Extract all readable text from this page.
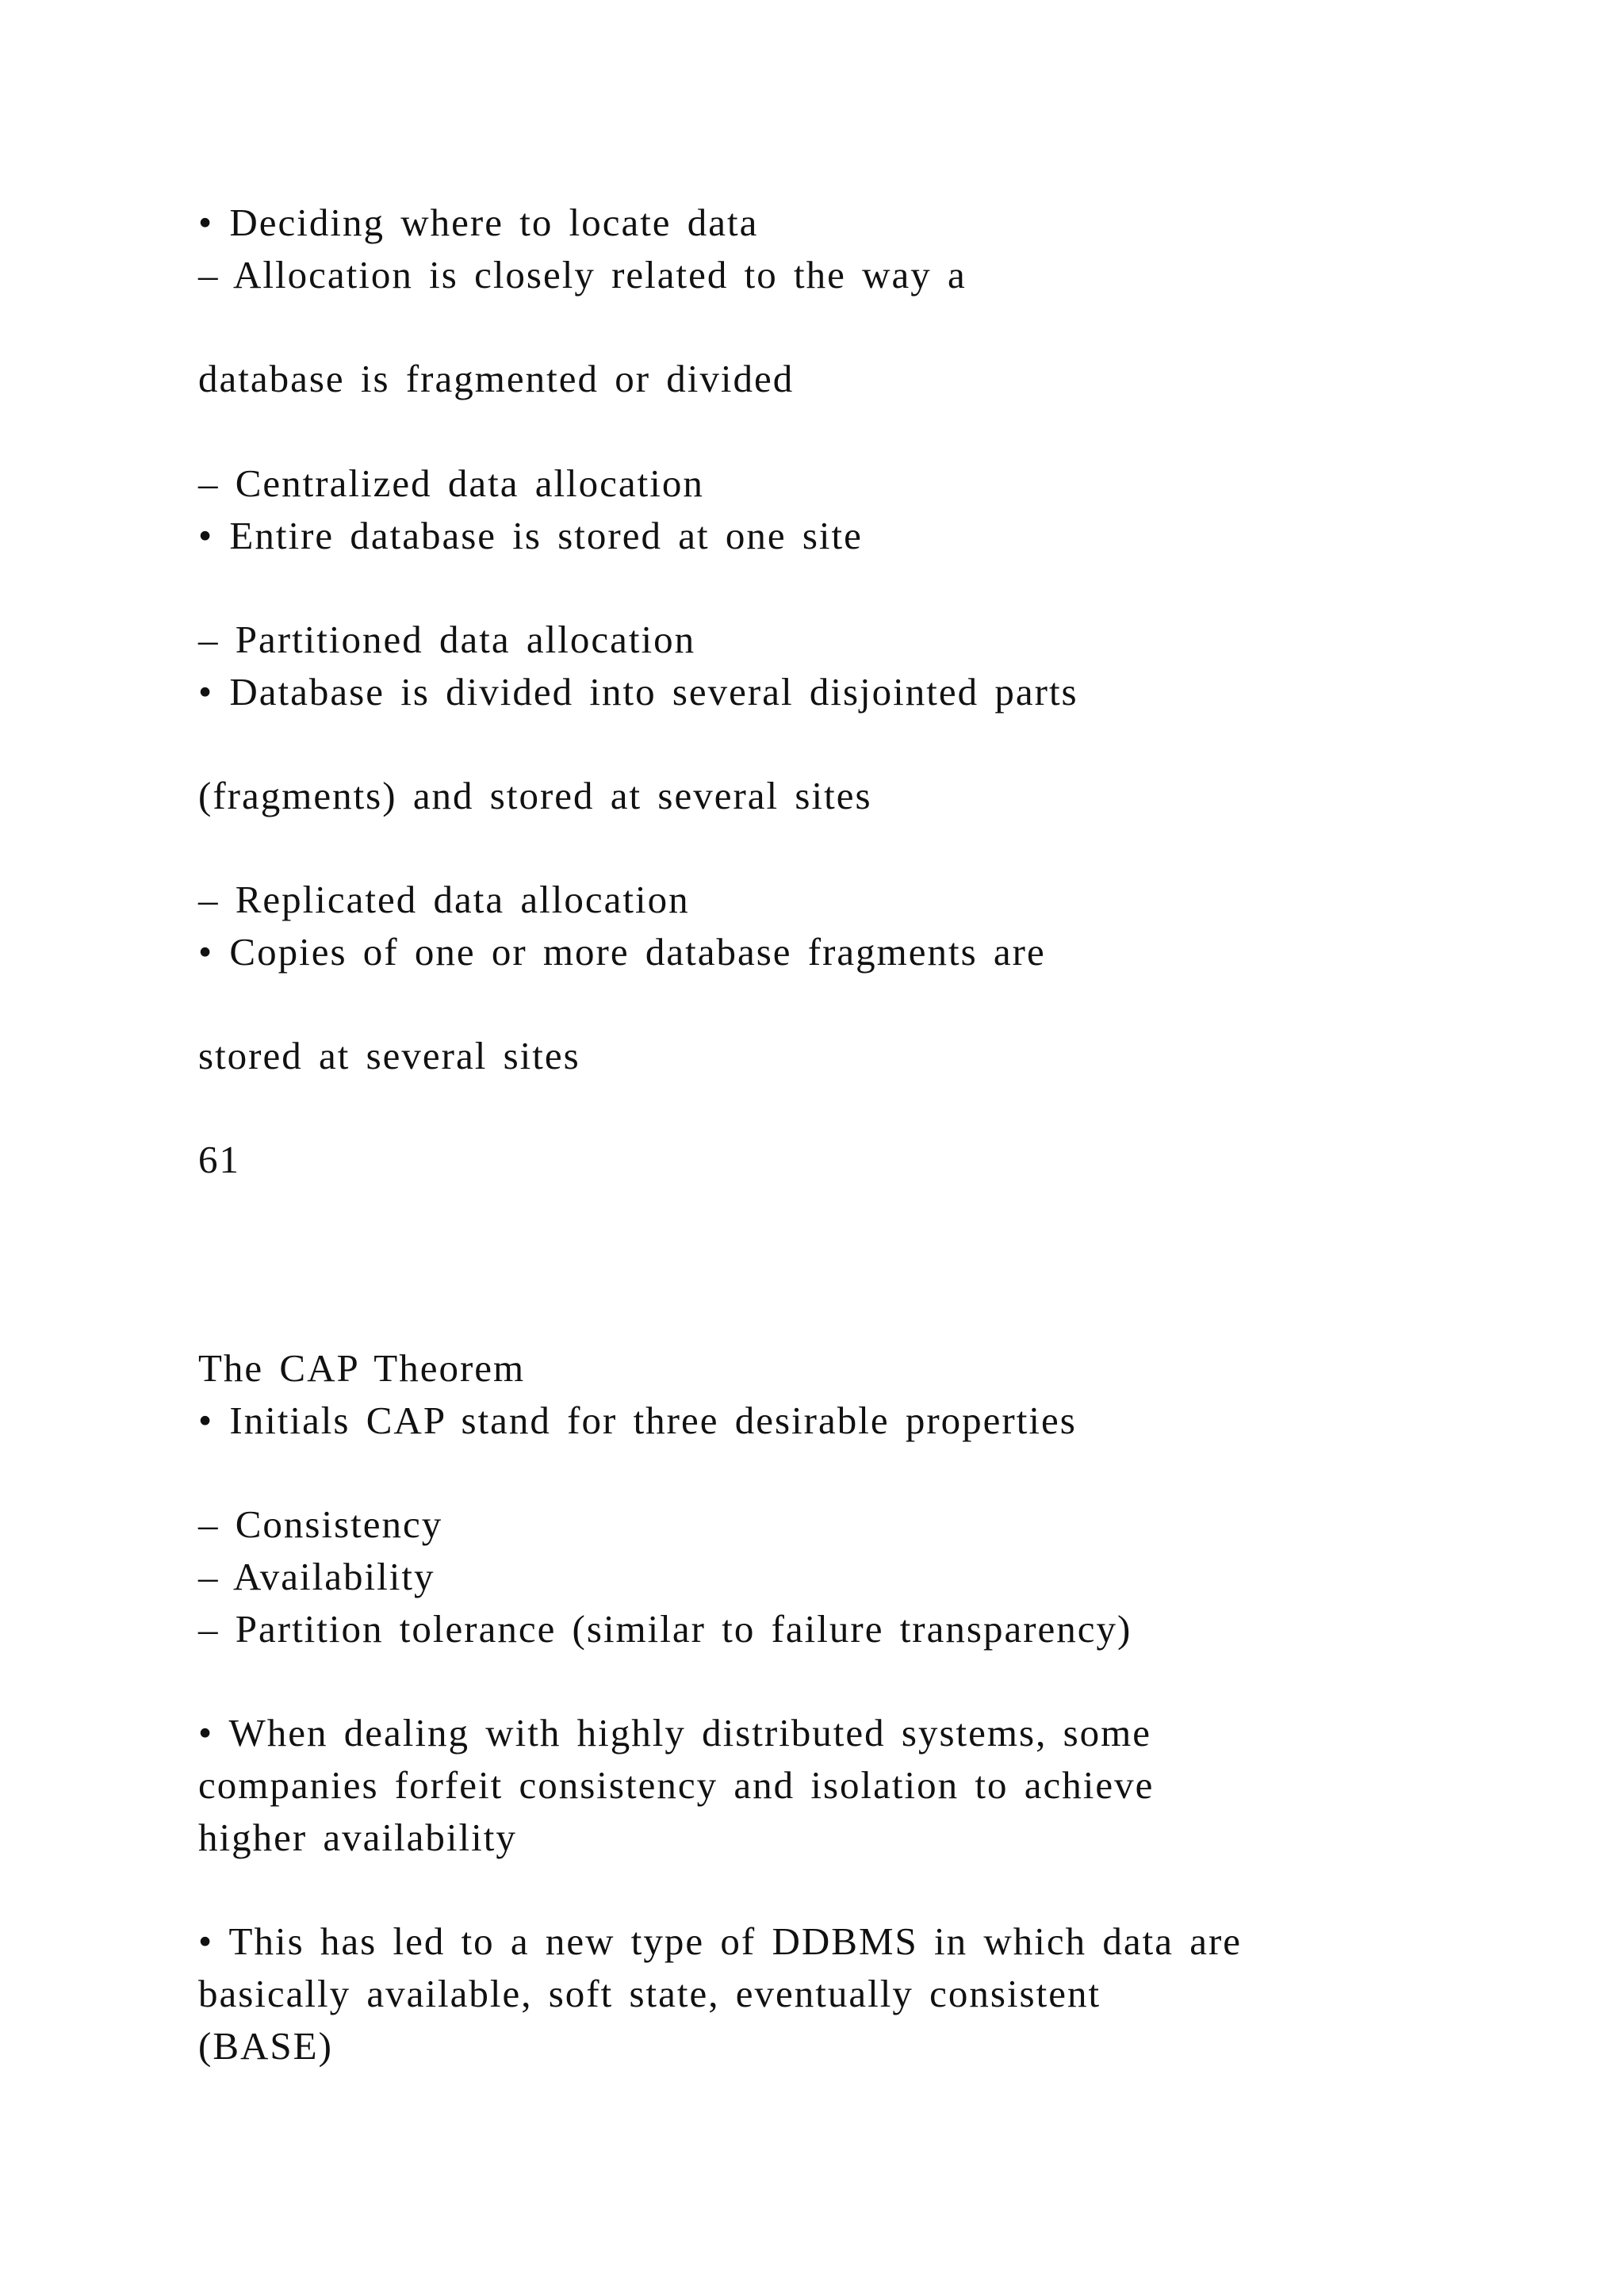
• Deciding where to locate data

– Allocation is closely related to the way a

database is fragmented or divided

– Centralized data allocation

• Entire database is stored at one site

– Partitioned data allocation

• Database is divided into several disjointed parts

(fragments) and stored at several sites

– Replicated data allocation

• Copies of one or more database fragments are

stored at several sites

61

The CAP Theorem

• Initials CAP stand for three desirable properties

– Consistency

– Availability

– Partition tolerance (similar to failure transparency)

• When dealing with highly distributed systems, some

companies forfeit consistency and isolation to achieve

higher availability

• This has led to a new type of DDBMS in which data are

basically available, soft state, eventually consistent

(BASE)
